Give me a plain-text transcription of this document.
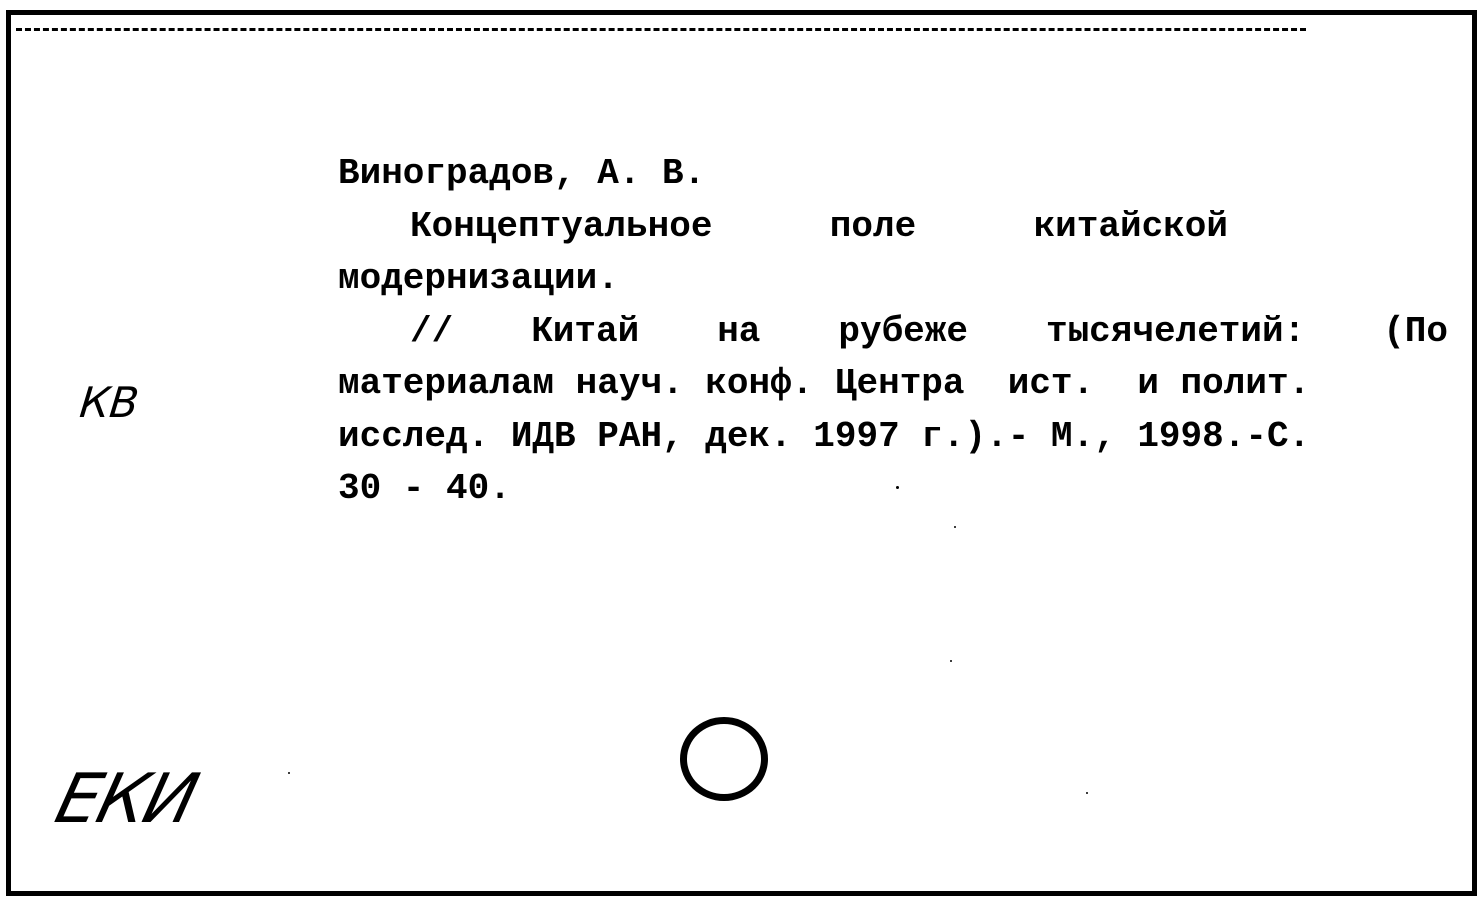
Виноградов, А. В.
Концептуальное	поле	китайской
модернизации.
// Китай на рубеже тысячелетий: (По
материалам науч. конф. Центра  ист.  и полит.
исслед. ИДВ РАН, дек. 1997 г.).- М., 1998.-С.
30 - 40.
КВ
ЕКИ
